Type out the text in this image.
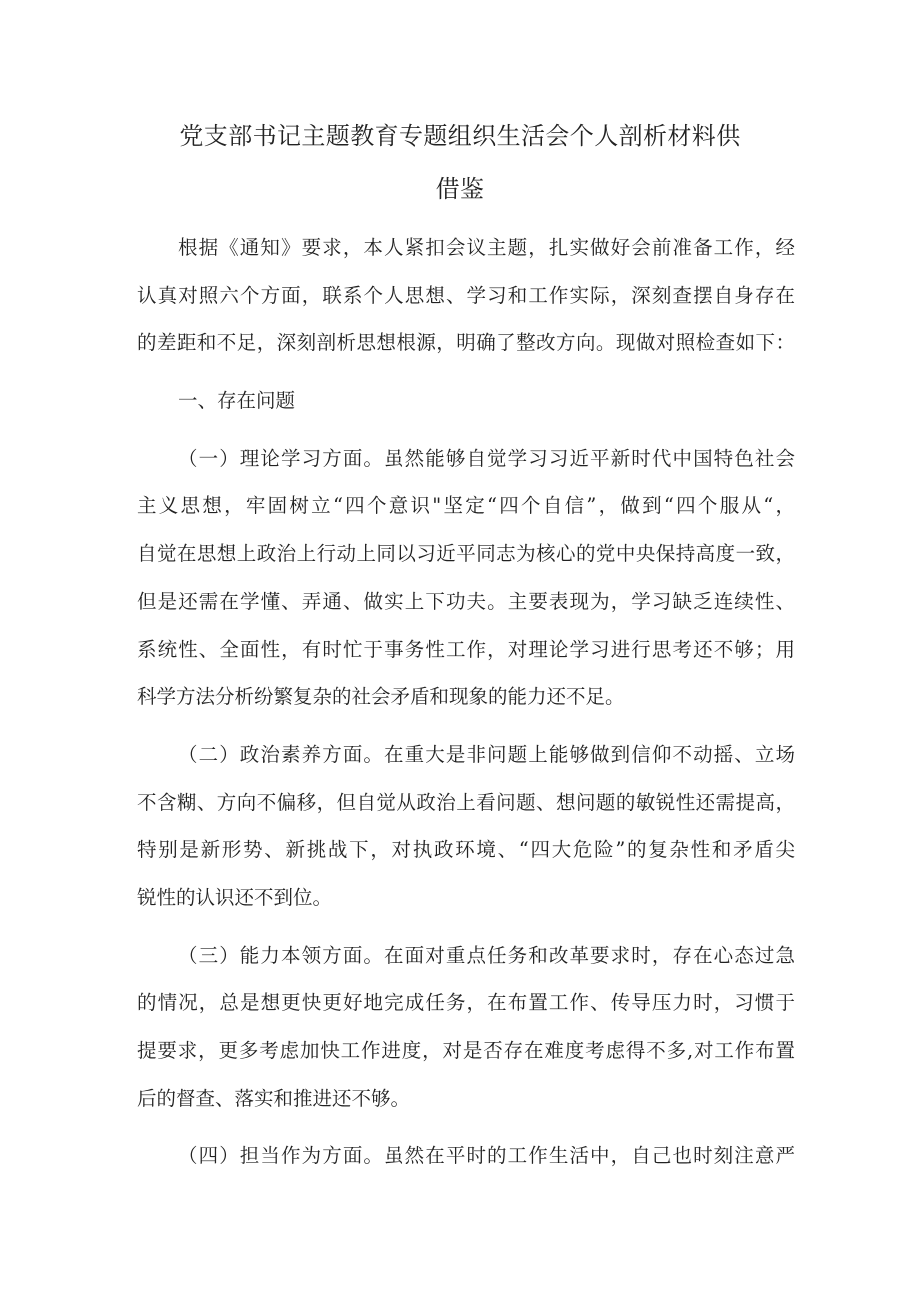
党支部书记主题教育专题组织生活会个人剖析材料供
借鉴
根据《通知》要求，本人紧扣会议主题，扎实做好会前准备工作，经
认真对照六个方面，联系个人思想、学习和工作实际，深刻查摆自身存在
的差距和不足，深刻剖析思想根源，明确了整改方向。现做对照检查如下：
一、存在问题
（一）理论学习方面。虽然能够自觉学习习近平新时代中国特色社会
主义思想，牢固树立“四个意识"坚定“四个自信”，做到“四个服从“，
自觉在思想上政治上行动上同以习近平同志为核心的党中央保持高度一致，
但是还需在学懂、弄通、做实上下功夫。主要表现为，学习缺乏连续性、
系统性、全面性，有时忙于事务性工作，对理论学习进行思考还不够；用
科学方法分析纷繁复杂的社会矛盾和现象的能力还不足。
（二）政治素养方面。在重大是非问题上能够做到信仰不动摇、立场
不含糊、方向不偏移，但自觉从政治上看问题、想问题的敏锐性还需提高，
特别是新形势、新挑战下，对执政环境、“四大危险”的复杂性和矛盾尖
锐性的认识还不到位。
（三）能力本领方面。在面对重点任务和改革要求时，存在心态过急
的情况，总是想更快更好地完成任务，在布置工作、传导压力时，习惯于
提要求，更多考虑加快工作进度，对是否存在难度考虑得不多,对工作布置
后的督查、落实和推进还不够。
（四）担当作为方面。虽然在平时的工作生活中，自己也时刻注意严
